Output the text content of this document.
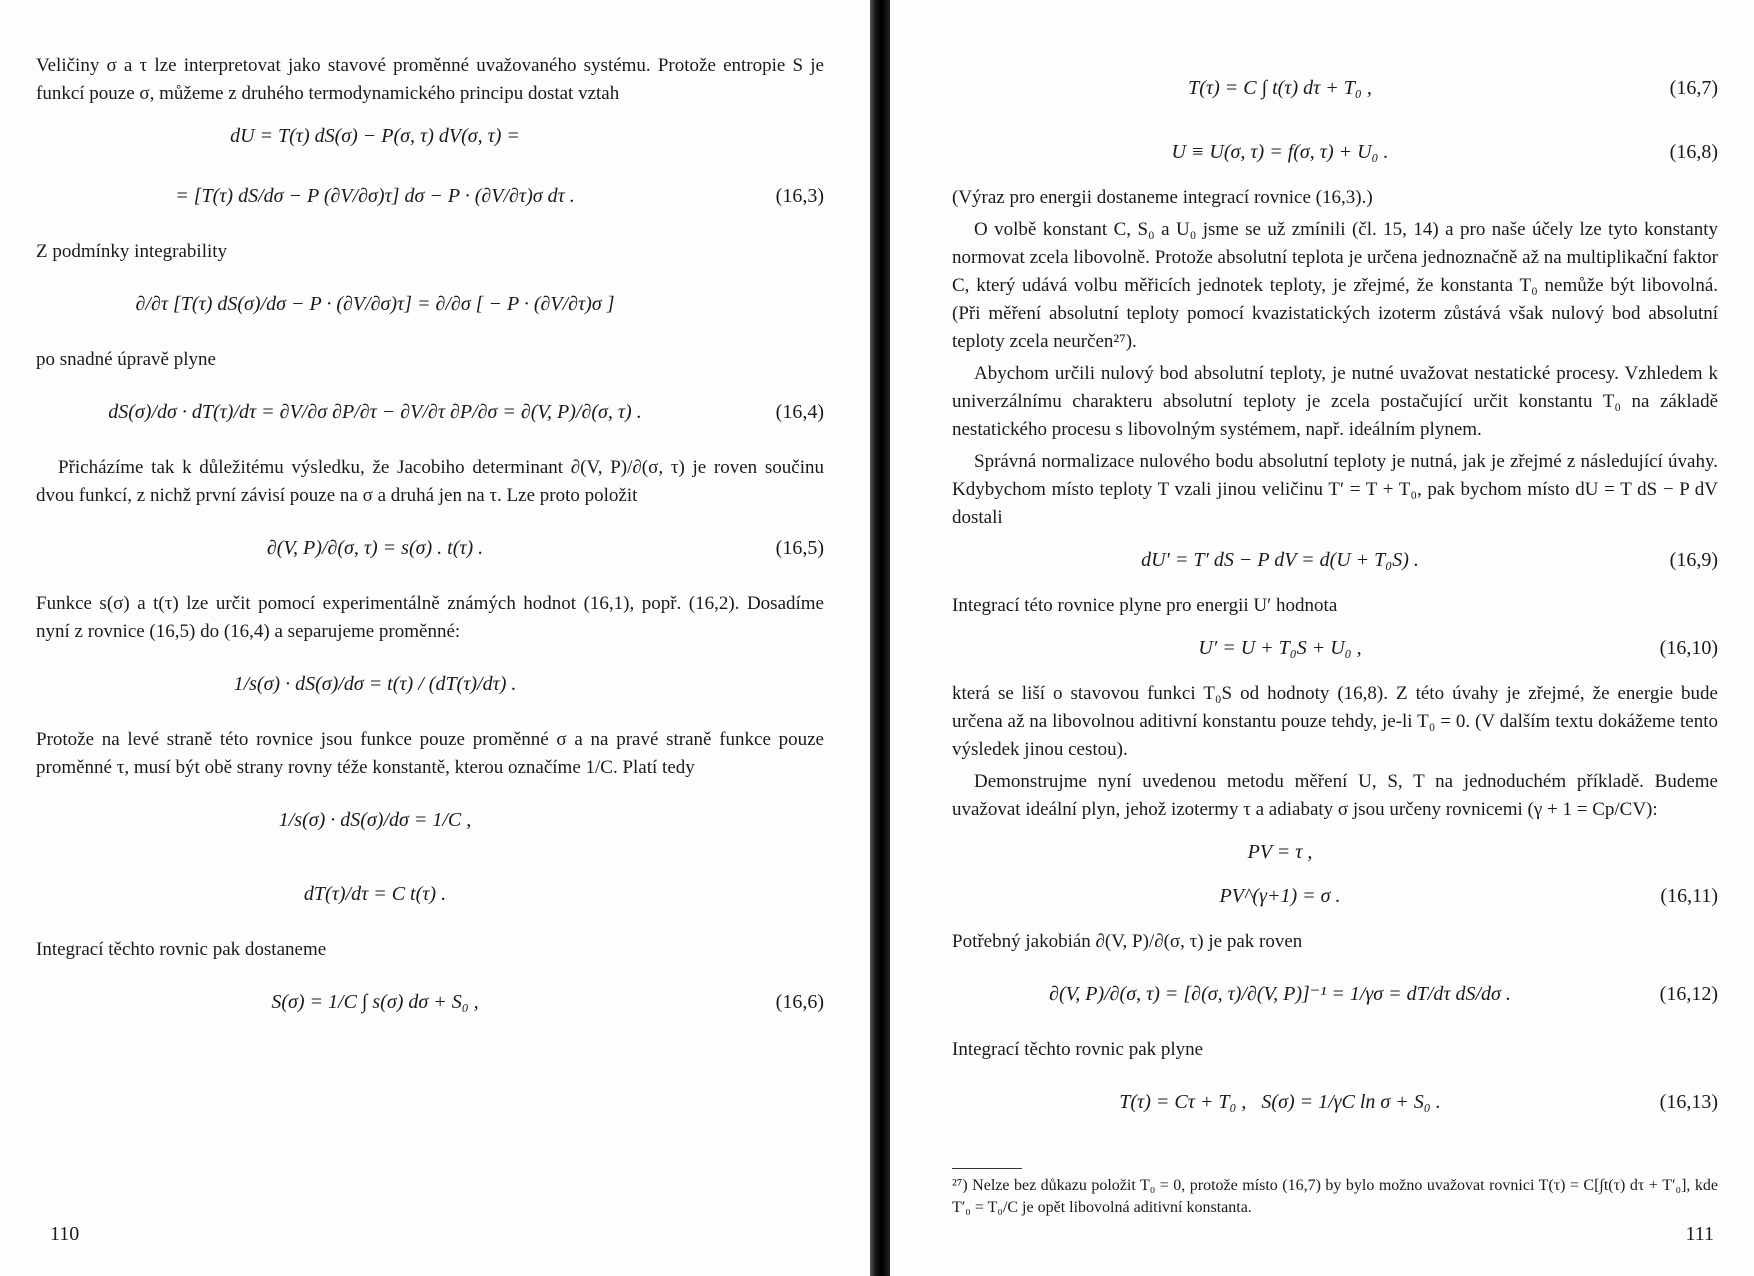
Veličiny σ a τ lze interpretovat jako stavové proměnné uvažovaného systému. Protože entropie S je funkcí pouze σ, můžeme z druhého termodynamického principu dostat vztah

dU = T(τ) dS(σ) − P(σ, τ) dV(σ, τ) =
= [T(τ) dS/dσ − P (∂V/∂σ)τ] dσ − P · (∂V/∂τ)σ dτ .	(16,3)

Z podmínky integrability

∂/∂τ [T(τ) dS(σ)/dσ − P · (∂V/∂σ)τ] = ∂/∂σ [ − P · (∂V/∂τ)σ ]

po snadné úpravě plyne

dS(σ)/dσ · dT(τ)/dτ = ∂V/∂σ ∂P/∂τ − ∂V/∂τ ∂P/∂σ = ∂(V, P)/∂(σ, τ) .	(16,4)

Přicházíme tak k důležitému výsledku, že Jacobiho determinant ∂(V, P)/∂(σ, τ) je roven součinu dvou funkcí, z nichž první závisí pouze na σ a druhá jen na τ. Lze proto položit

∂(V, P)/∂(σ, τ) = s(σ) . t(τ) .	(16,5)

Funkce s(σ) a t(τ) lze určit pomocí experimentálně známých hodnot (16,1), popř. (16,2). Dosadíme nyní z rovnice (16,5) do (16,4) a separujeme proměnné:

1/s(σ) · dS(σ)/dσ = t(τ) / (dT(τ)/dτ) .

Protože na levé straně této rovnice jsou funkce pouze proměnné σ a na pravé straně funkce pouze proměnné τ, musí být obě strany rovny téže konstantě, kterou označíme 1/C. Platí tedy

1/s(σ) · dS(σ)/dσ = 1/C ,
dT(τ)/dτ = C t(τ) .

Integrací těchto rovnic pak dostaneme

S(σ) = 1/C ∫ s(σ) dσ + S₀ ,	(16,6)
110
T(τ) = C ∫ t(τ) dτ + T₀ ,	(16,7)
U ≡ U(σ, τ) = f(σ, τ) + U₀ .	(16,8)

(Výraz pro energii dostaneme integrací rovnice (16,3).)

O volbě konstant C, S₀ a U₀ jsme se už zmínili (čl. 15, 14) a pro naše účely lze tyto konstanty normovat zcela libovolně. Protože absolutní teplota je určena jednoznačně až na multiplikační faktor C, který udává volbu měřicích jednotek teploty, je zřejmé, že konstanta T₀ nemůže být libovolná. (Při měření absolutní teploty pomocí kvazistatických izoterm zůstává však nulový bod absolutní teploty zcela neurčen²⁷).

Abychom určili nulový bod absolutní teploty, je nutné uvažovat nestatické procesy. Vzhledem k univerzálnímu charakteru absolutní teploty je zcela postačující určit konstantu T₀ na základě nestatického procesu s libovolným systémem, např. ideálním plynem.

Správná normalizace nulového bodu absolutní teploty je nutná, jak je zřejmé z následující úvahy. Kdybychom místo teploty T vzali jinou veličinu T′ = T + T₀, pak bychom místo dU = T dS − P dV dostali

dU′ = T′ dS − P dV = d(U + T₀S) .	(16,9)

Integrací této rovnice plyne pro energii U′ hodnota

U′ = U + T₀S + U₀ ,	(16,10)

která se liší o stavovou funkci T₀S od hodnoty (16,8). Z této úvahy je zřejmé, že energie bude určena až na libovolnou aditivní konstantu pouze tehdy, je-li T₀ = 0. (V dalším textu dokážeme tento výsledek jinou cestou).

Demonstrujme nyní uvedenou metodu měření U, S, T na jednoduchém příkladě. Budeme uvažovat ideální plyn, jehož izotermy τ a adiabaty σ jsou určeny rovnicemi (γ + 1 = Cp/CV):

PV = τ ,
PV^(γ+1) = σ .	(16,11)

Potřebný jakobián ∂(V, P)/∂(σ, τ) je pak roven

∂(V, P)/∂(σ, τ) = [∂(σ, τ)/∂(V, P)]⁻¹ = 1/γσ = dT/dτ dS/dσ .	(16,12)

Integrací těchto rovnic pak plyne

T(τ) = Cτ + T₀ ,   S(σ) = 1/γC ln σ + S₀ .	(16,13)

²⁷) Nelze bez důkazu položit T₀ = 0, protože místo (16,7) by bylo možno uvažovat rovnici T(τ) = C[∫t(τ) dτ + T′₀], kde T′₀ = T₀/C je opět libovolná aditivní konstanta.

111
